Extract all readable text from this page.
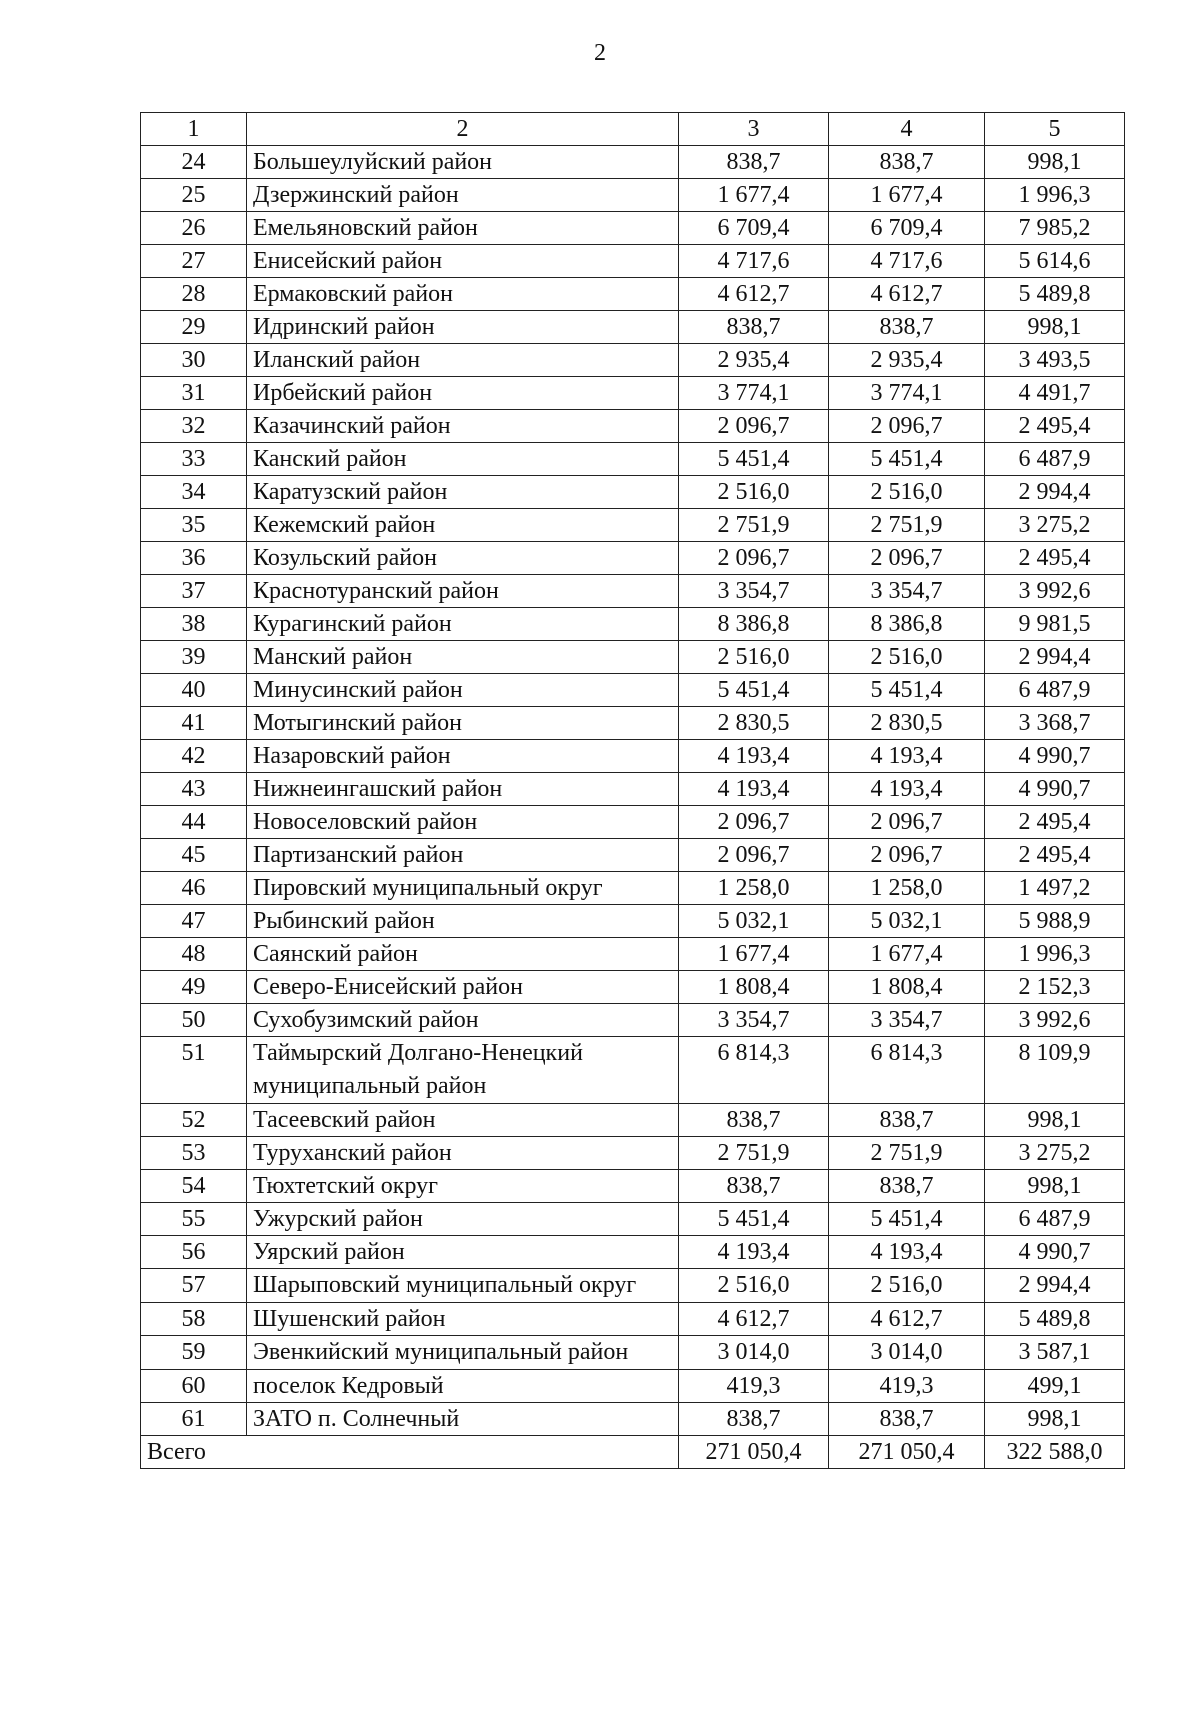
2
1	2	3	4	5
24	Большеулуйский район	838,7	838,7	998,1
25	Дзержинский район	1 677,4	1 677,4	1 996,3
26	Емельяновский район	6 709,4	6 709,4	7 985,2
27	Енисейский район	4 717,6	4 717,6	5 614,6
28	Ермаковский район	4 612,7	4 612,7	5 489,8
29	Идринский район	838,7	838,7	998,1
30	Иланский район	2 935,4	2 935,4	3 493,5
31	Ирбейский район	3 774,1	3 774,1	4 491,7
32	Казачинский район	2 096,7	2 096,7	2 495,4
33	Канский район	5 451,4	5 451,4	6 487,9
34	Каратузский район	2 516,0	2 516,0	2 994,4
35	Кежемский район	2 751,9	2 751,9	3 275,2
36	Козульский район	2 096,7	2 096,7	2 495,4
37	Краснотуранский район	3 354,7	3 354,7	3 992,6
38	Курагинский район	8 386,8	8 386,8	9 981,5
39	Манский район	2 516,0	2 516,0	2 994,4
40	Минусинский район	5 451,4	5 451,4	6 487,9
41	Мотыгинский район	2 830,5	2 830,5	3 368,7
42	Назаровский район	4 193,4	4 193,4	4 990,7
43	Нижнеингашский район	4 193,4	4 193,4	4 990,7
44	Новоселовский район	2 096,7	2 096,7	2 495,4
45	Партизанский район	2 096,7	2 096,7	2 495,4
46	Пировский муниципальный округ	1 258,0	1 258,0	1 497,2
47	Рыбинский район	5 032,1	5 032,1	5 988,9
48	Саянский район	1 677,4	1 677,4	1 996,3
49	Северо-Енисейский район	1 808,4	1 808,4	2 152,3
50	Сухобузимский район	3 354,7	3 354,7	3 992,6
51	Таймырский Долгано-Ненецкий муниципальный район	6 814,3	6 814,3	8 109,9
52	Тасеевский район	838,7	838,7	998,1
53	Туруханский район	2 751,9	2 751,9	3 275,2
54	Тюхтетский округ	838,7	838,7	998,1
55	Ужурский район	5 451,4	5 451,4	6 487,9
56	Уярский район	4 193,4	4 193,4	4 990,7
57	Шарыповский муниципальный округ	2 516,0	2 516,0	2 994,4
58	Шушенский район	4 612,7	4 612,7	5 489,8
59	Эвенкийский муниципальный район	3 014,0	3 014,0	3 587,1
60	поселок Кедровый	419,3	419,3	499,1
61	ЗАТО п. Солнечный	838,7	838,7	998,1
Всего		271 050,4	271 050,4	322 588,0
